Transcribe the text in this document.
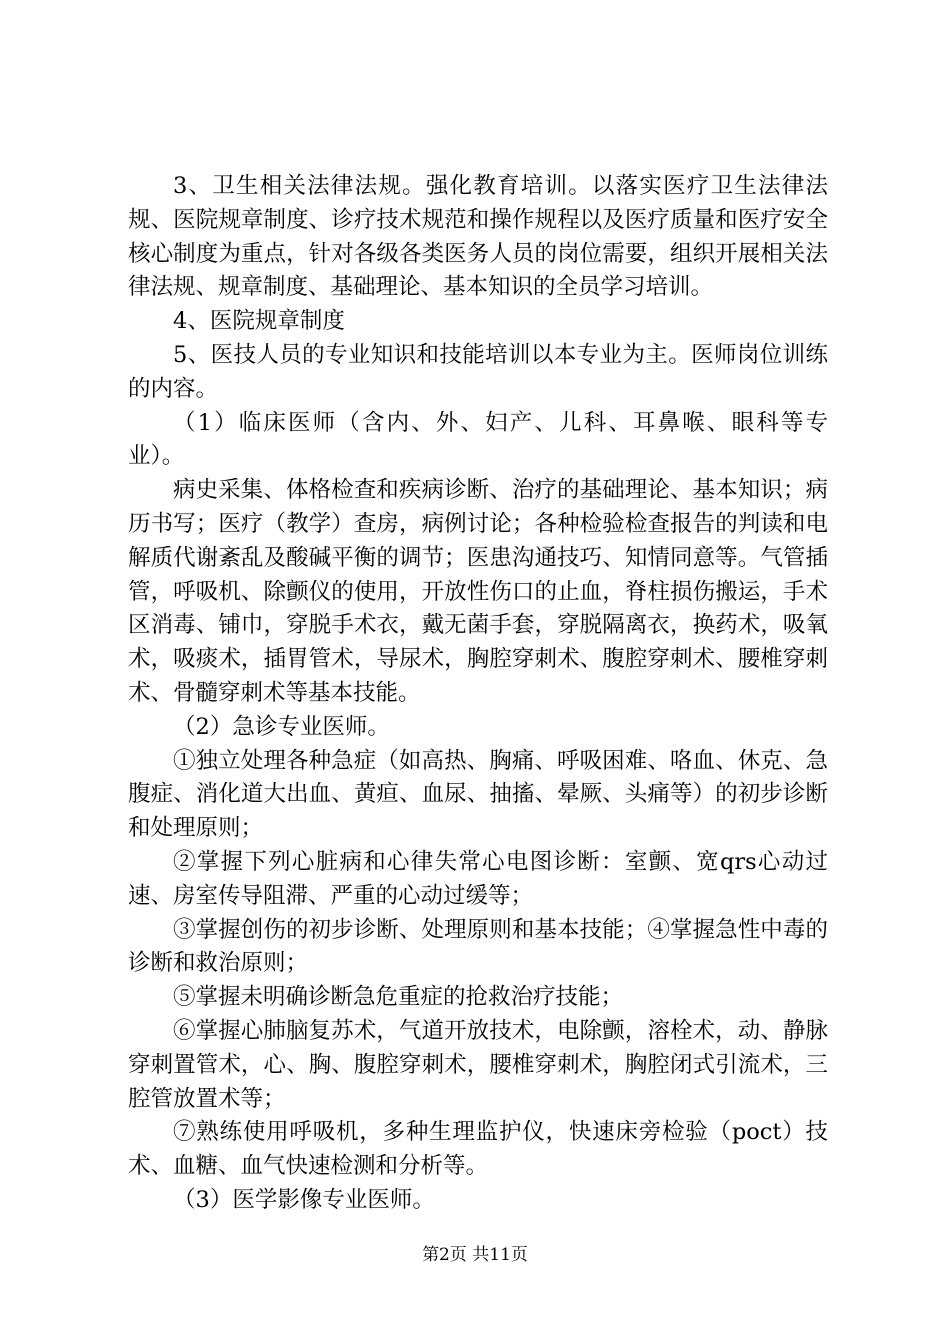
3、卫生相关法律法规。强化教育培训。以落实医疗卫生法律法规、医院规章制度、诊疗技术规范和操作规程以及医疗质量和医疗安全核心制度为重点，针对各级各类医务人员的岗位需要，组织开展相关法律法规、规章制度、基础理论、基本知识的全员学习培训。

4、医院规章制度

5、医技人员的专业知识和技能培训以本专业为主。医师岗位训练的内容。

（1）临床医师（含内、外、妇产、儿科、耳鼻喉、眼科等专业）。

病史采集、体格检查和疾病诊断、治疗的基础理论、基本知识；病历书写；医疗（教学）查房，病例讨论；各种检验检查报告的判读和电解质代谢紊乱及酸碱平衡的调节；医患沟通技巧、知情同意等。气管插管，呼吸机、除颤仪的使用，开放性伤口的止血，脊柱损伤搬运，手术区消毒、铺巾，穿脱手术衣，戴无菌手套，穿脱隔离衣，换药术，吸氧术，吸痰术，插胃管术，导尿术，胸腔穿刺术、腹腔穿刺术、腰椎穿刺术、骨髓穿刺术等基本技能。

（2）急诊专业医师。

①独立处理各种急症（如高热、胸痛、呼吸困难、咯血、休克、急腹症、消化道大出血、黄疸、血尿、抽搐、晕厥、头痛等）的初步诊断和处理原则；

②掌握下列心脏病和心律失常心电图诊断：室颤、宽qrs心动过速、房室传导阻滞、严重的心动过缓等；

③掌握创伤的初步诊断、处理原则和基本技能；④掌握急性中毒的诊断和救治原则；

⑤掌握未明确诊断急危重症的抢救治疗技能；

⑥掌握心肺脑复苏术，气道开放技术，电除颤，溶栓术，动、静脉穿刺置管术，心、胸、腹腔穿刺术，腰椎穿刺术，胸腔闭式引流术，三腔管放置术等；

⑦熟练使用呼吸机，多种生理监护仪，快速床旁检验（poct）技术、血糖、血气快速检测和分析等。

（3）医学影像专业医师。

第2页 共11页
